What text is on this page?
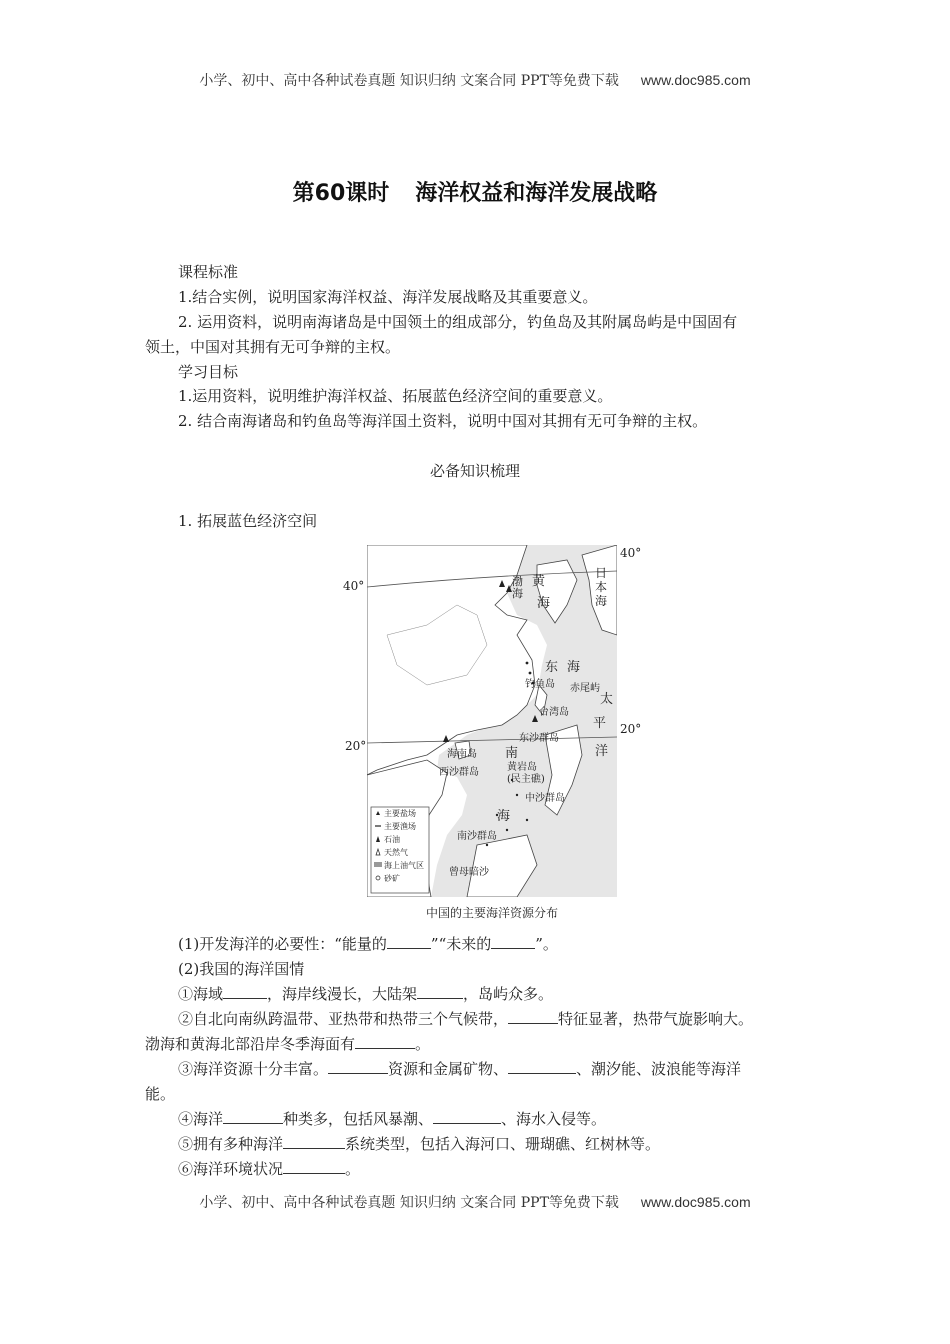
小学、初中、高中各种试卷真题 知识归纳 文案合同 PPT等免费下载 www.doc985.com
第60课时 海洋权益和海洋发展战略
课程标准
1.结合实例，说明国家海洋权益、海洋发展战略及其重要意义。
2. 运用资料，说明南海诸岛是中国领土的组成部分，钓鱼岛及其附属岛屿是中国固有
领土，中国对其拥有无可争辩的主权。
学习目标
1.运用资料，说明维护海洋权益、拓展蓝色经济空间的重要意义。
2. 结合南海诸岛和钓鱼岛等海洋国土资料，说明中国对其拥有无可争辩的主权。
必备知识梳理
1. 拓展蓝色经济空间
渤
海
黄
海
日
本
海
东 海
钓鱼岛 赤尾屿
太
平
洋
台湾岛
东沙群岛
海南岛 南
黄岩岛
(民主礁)
西沙群岛
中沙群岛
海
南沙群岛
曾母暗沙
主要盐场
主要渔场
石油
天然气
海上油气区
砂矿
40°
40°
20°
20°
中国的主要海洋资源分布
(1)开发海洋的必要性：“能量的	”“未来的	”。
(2)我国的海洋国情
①海域	，海岸线漫长，大陆架	，岛屿众多。
②自北向南纵跨温带、亚热带和热带三个气候带，	特征显著，热带气旋影响大。
渤海和黄海北部沿岸冬季海面有	。
③海洋资源十分丰富。	资源和金属矿物、	、潮汐能、波浪能等海洋
能。
④海洋	种类多，包括风暴潮、	、海水入侵等。
⑤拥有多种海洋	系统类型，包括入海河口、珊瑚礁、红树林等。
⑥海洋环境状况	。
小学、初中、高中各种试卷真题 知识归纳 文案合同 PPT等免费下载 www.doc985.com
